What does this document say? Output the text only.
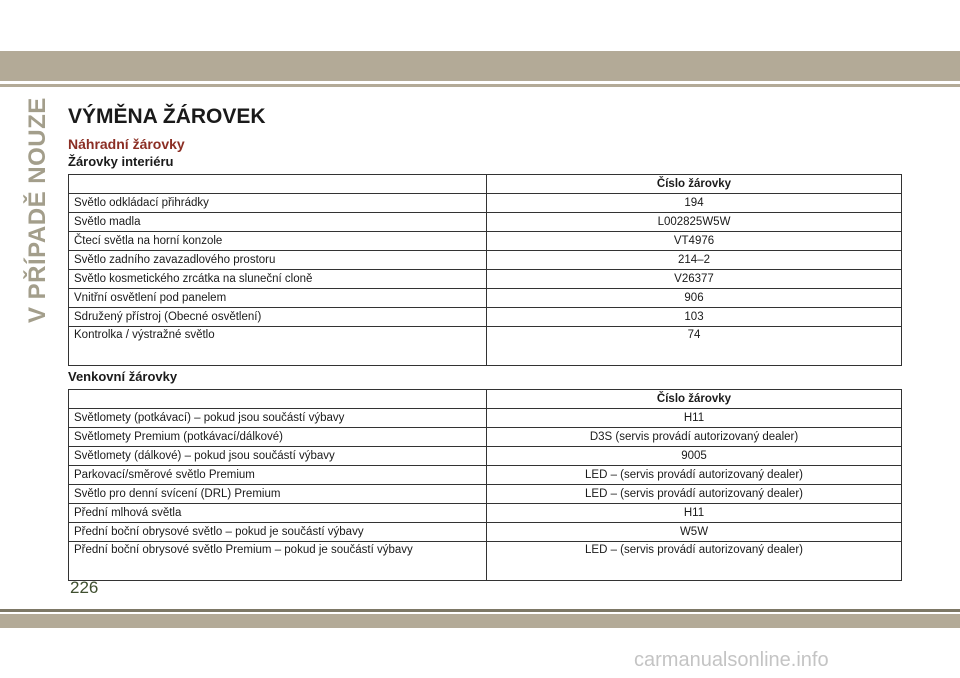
V PŘÍPADĚ NOUZE VÝMĚNA ŽÁROVEK
Náhradní žárovky
Žárovky interiéru
	Číslo žárovky
Světlo odkládací přihrádky	194
Světlo madla	L002825W5W
Čtecí světla na horní konzole	VT4976
Světlo zadního zavazadlového prostoru	214–2
Světlo kosmetického zrcátka na sluneční cloně	V26377
Vnitřní osvětlení pod panelem	906
Sdružený přístroj (Obecné osvětlení)	103
Kontrolka / výstražné světlo	74
Venkovní žárovky
	Číslo žárovky
Světlomety (potkávací) – pokud jsou součástí výbavy	H11
Světlomety Premium (potkávací/dálkové)	D3S (servis provádí autorizovaný dealer)
Světlomety (dálkové) – pokud jsou součástí výbavy	9005
Parkovací/směrové světlo Premium	LED – (servis provádí autorizovaný dealer)
Světlo pro denní svícení (DRL) Premium	LED – (servis provádí autorizovaný dealer)
Přední mlhová světla	H11
Přední boční obrysové světlo – pokud je součástí výbavy	W5W
Přední boční obrysové světlo Premium – pokud je součástí výbavy	LED – (servis provádí autorizovaný dealer)

226

carmanualsonline.info
